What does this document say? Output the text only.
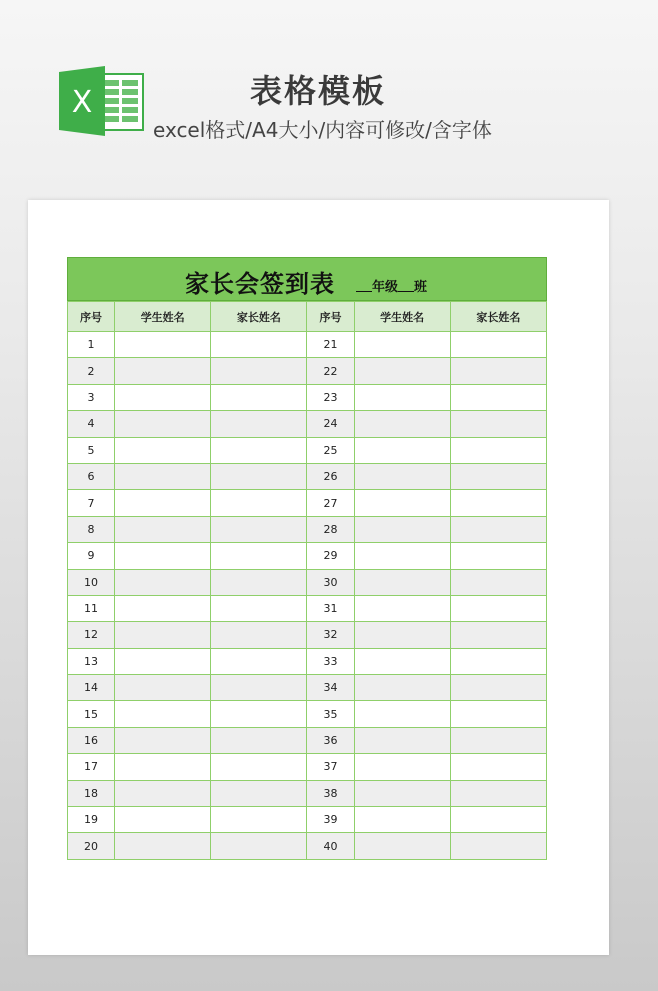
X	表格模板
excel格式/A4大小/内容可修改/含字体
家长会签到表	年级 班
序号	学生姓名	家长姓名	序号	学生姓名	家长姓名
1			21		
2			22		
3			23		
4			24		
5			25		
6			26		
7			27		
8			28		
9			29		
10			30		
11			31		
12			32		
13			33		
14			34		
15			35		
16			36		
17			37		
18			38		
19			39		
20			40		
